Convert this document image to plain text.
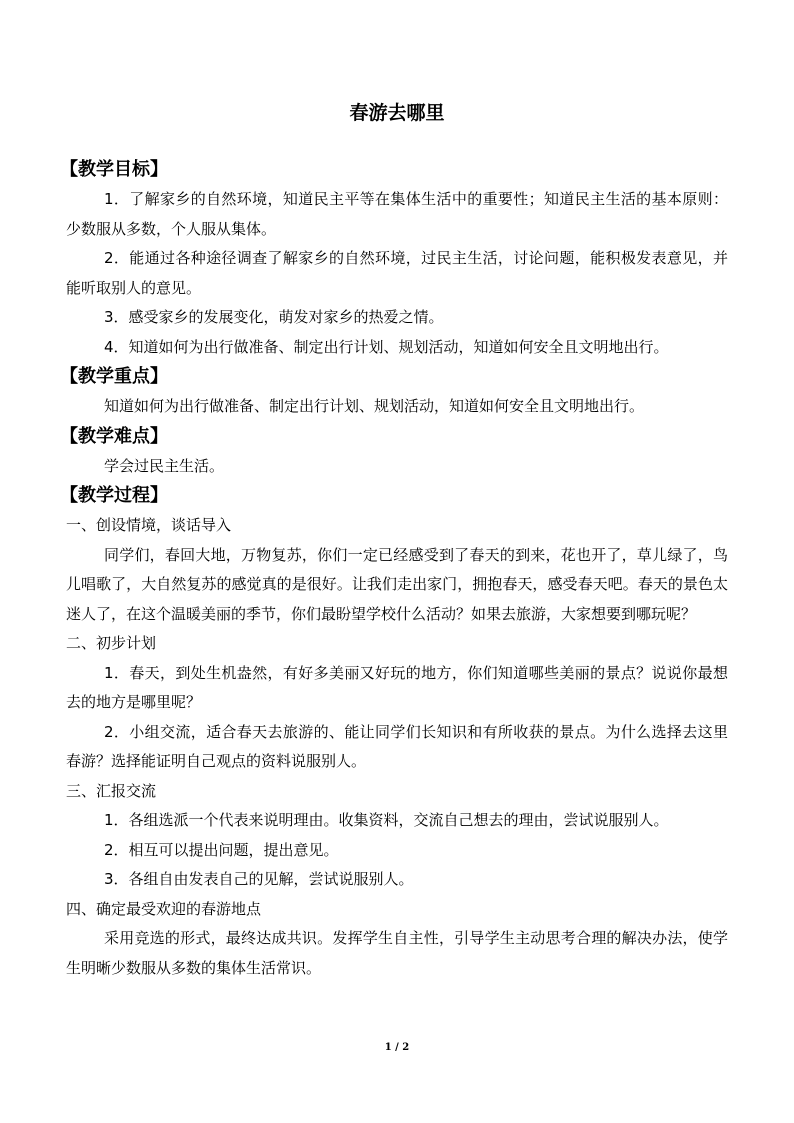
春游去哪里
【教学目标】
1．了解家乡的自然环境，知道民主平等在集体生活中的重要性；知道民主生活的基本原则：少数服从多数，个人服从集体。
2．能通过各种途径调查了解家乡的自然环境，过民主生活，讨论问题，能积极发表意见，并能听取别人的意见。
3．感受家乡的发展变化，萌发对家乡的热爱之情。
4．知道如何为出行做准备、制定出行计划、规划活动，知道如何安全且文明地出行。
【教学重点】
知道如何为出行做准备、制定出行计划、规划活动，知道如何安全且文明地出行。
【教学难点】
学会过民主生活。
【教学过程】
一、创设情境，谈话导入
同学们，春回大地，万物复苏，你们一定已经感受到了春天的到来，花也开了，草儿绿了，鸟儿唱歌了，大自然复苏的感觉真的是很好。让我们走出家门，拥抱春天，感受春天吧。春天的景色太迷人了，在这个温暖美丽的季节，你们最盼望学校什么活动？如果去旅游，大家想要到哪玩呢？
二、初步计划
1．春天，到处生机盎然，有好多美丽又好玩的地方，你们知道哪些美丽的景点？说说你最想去的地方是哪里呢？
2．小组交流，适合春天去旅游的、能让同学们长知识和有所收获的景点。为什么选择去这里春游？选择能证明自己观点的资料说服别人。
三、汇报交流
1．各组选派一个代表来说明理由。收集资料，交流自己想去的理由，尝试说服别人。
2．相互可以提出问题，提出意见。
3．各组自由发表自己的见解，尝试说服别人。
四、确定最受欢迎的春游地点
采用竞选的形式，最终达成共识。发挥学生自主性，引导学生主动思考合理的解决办法，使学生明晰少数服从多数的集体生活常识。
1 / 2
